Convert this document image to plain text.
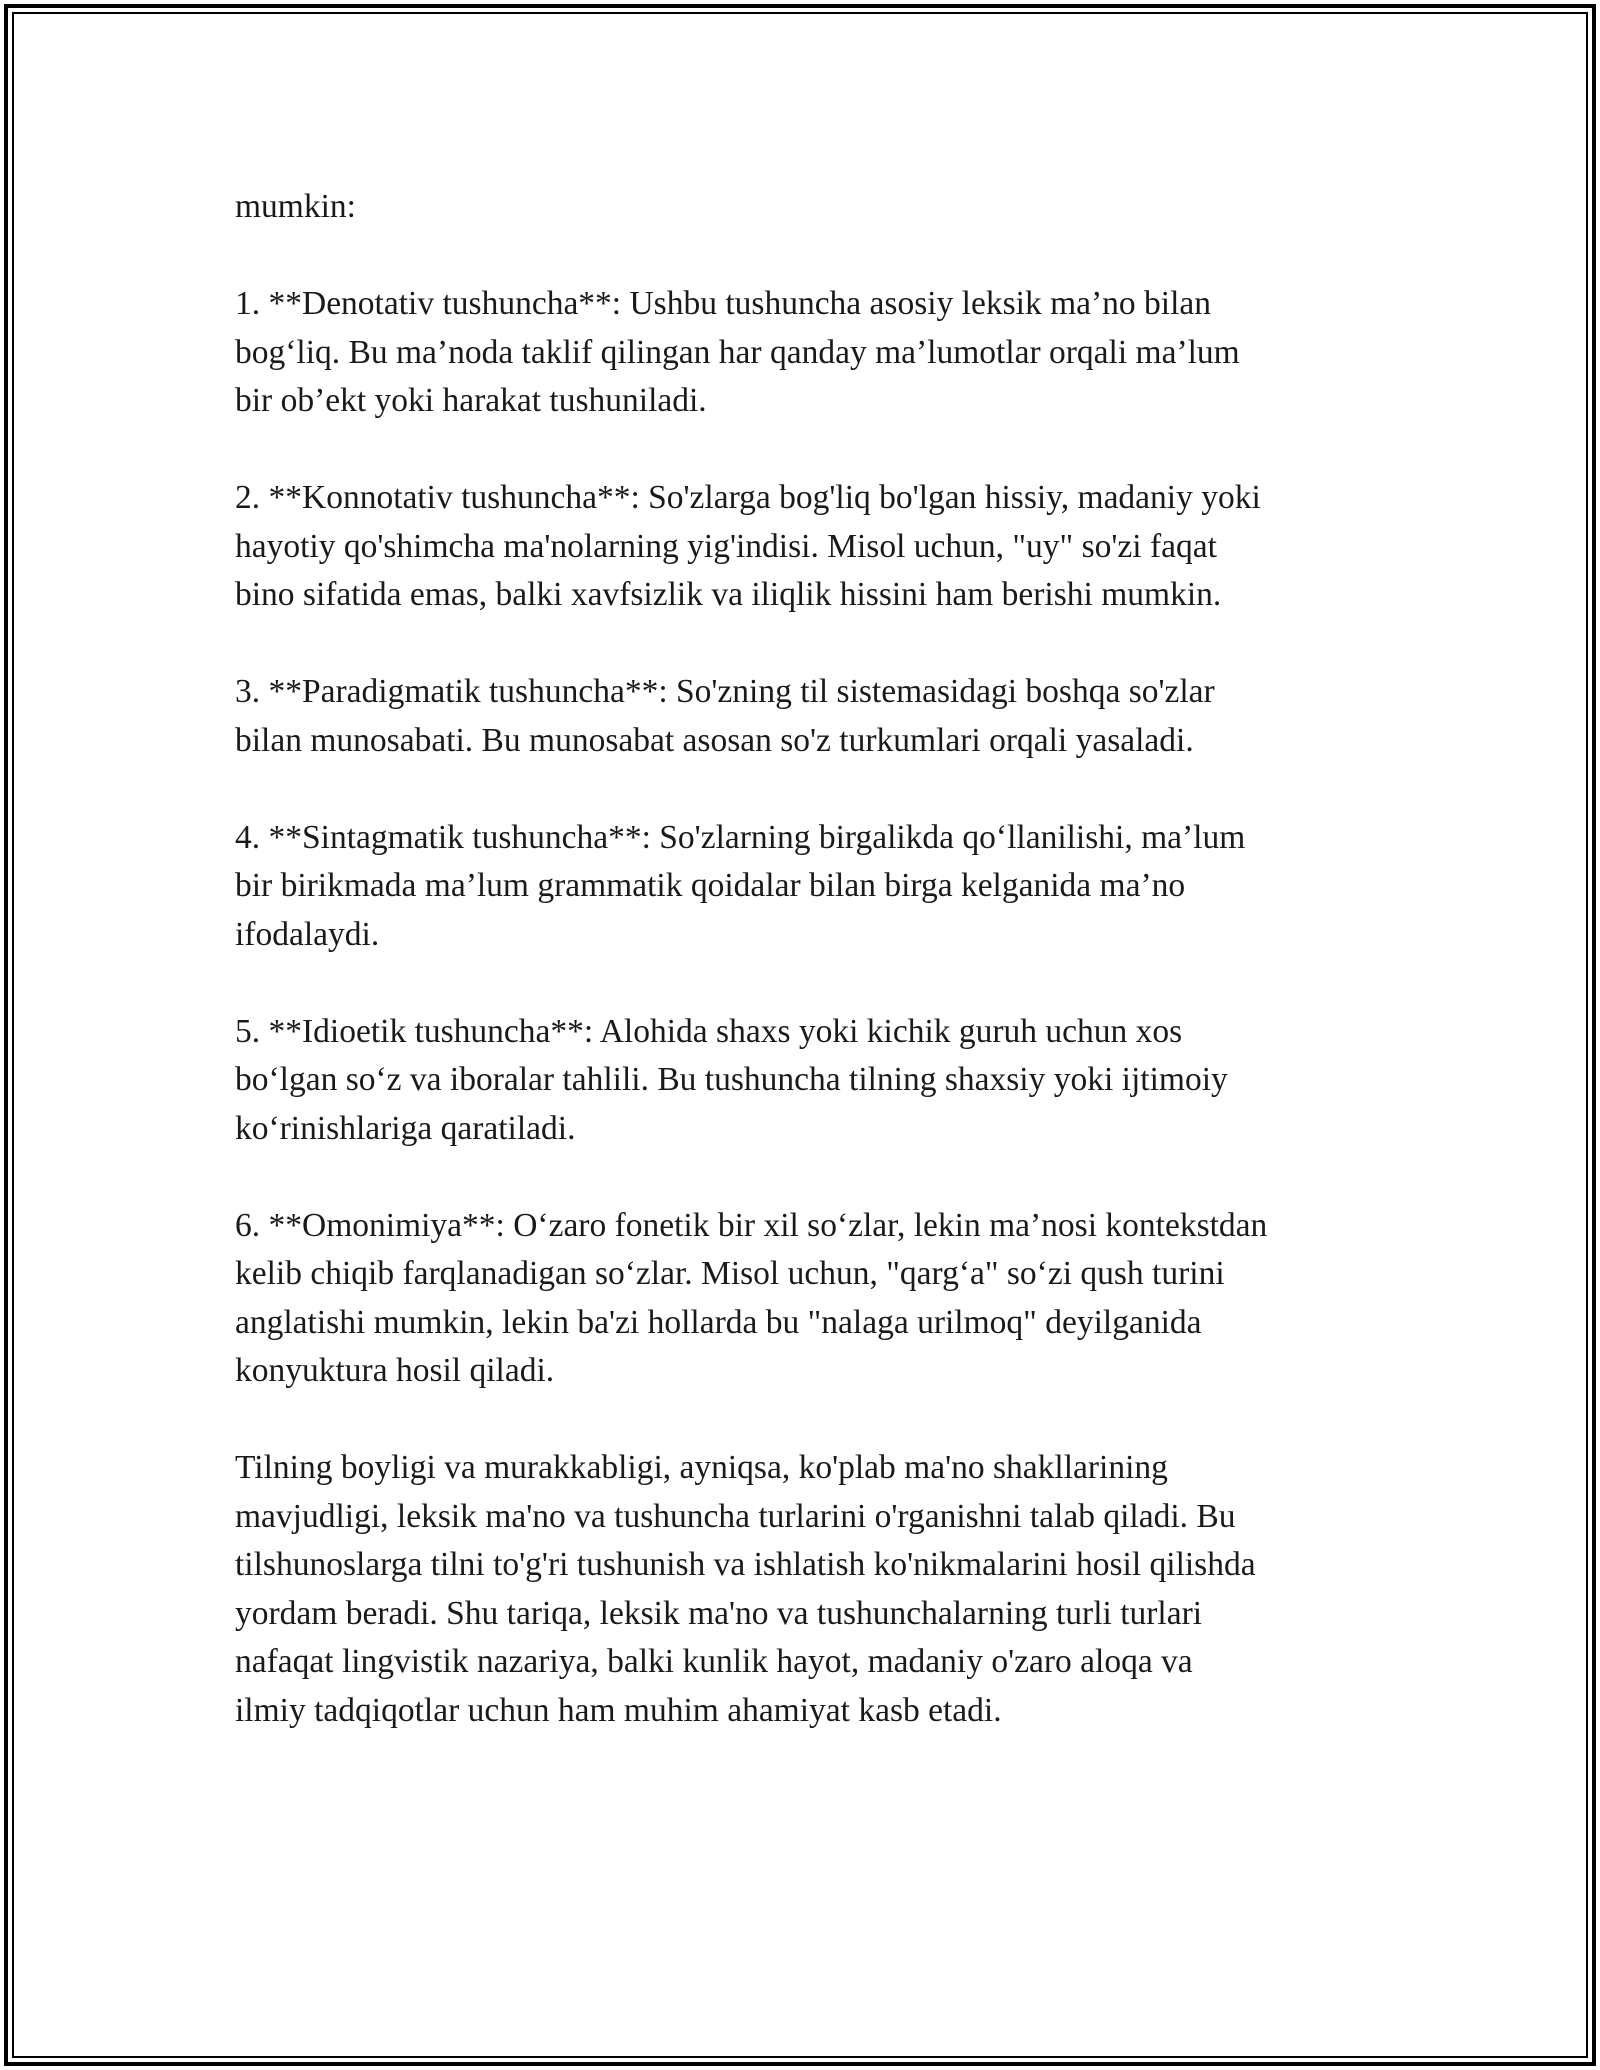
mumkin:

1. **Denotativ tushuncha**: Ushbu tushuncha asosiy leksik ma’no bilan
bog‘liq. Bu ma’noda taklif qilingan har qanday ma’lumotlar orqali ma’lum
bir ob’ekt yoki harakat tushuniladi.

2. **Konnotativ tushuncha**: So'zlarga bog'liq bo'lgan hissiy, madaniy yoki
hayotiy qo'shimcha ma'nolarning yig'indisi. Misol uchun, "uy" so'zi faqat
bino sifatida emas, balki xavfsizlik va iliqlik hissini ham berishi mumkin.

3. **Paradigmatik tushuncha**: So'zning til sistemasidagi boshqa so'zlar
bilan munosabati. Bu munosabat asosan so'z turkumlari orqali yasaladi.

4. **Sintagmatik tushuncha**: So'zlarning birgalikda qo‘llanilishi, ma’lum
bir birikmada ma’lum grammatik qoidalar bilan birga kelganida ma’no
ifodalaydi.

5. **Idioetik tushuncha**: Alohida shaxs yoki kichik guruh uchun xos
bo‘lgan so‘z va iboralar tahlili. Bu tushuncha tilning shaxsiy yoki ijtimoiy
ko‘rinishlariga qaratiladi.

6. **Omonimiya**: O‘zaro fonetik bir xil so‘zlar, lekin ma’nosi kontekstdan
kelib chiqib farqlanadigan so‘zlar. Misol uchun, "qarg‘a" so‘zi qush turini
anglatishi mumkin, lekin ba'zi hollarda bu "nalaga urilmoq" deyilganida
konyuktura hosil qiladi.

Tilning boyligi va murakkabligi, ayniqsa, ko'plab ma'no shakllarining
mavjudligi, leksik ma'no va tushuncha turlarini o'rganishni talab qiladi. Bu
tilshunoslarga tilni to'g'ri tushunish va ishlatish ko'nikmalarini hosil qilishda
yordam beradi. Shu tariqa, leksik ma'no va tushunchalarning turli turlari
nafaqat lingvistik nazariya, balki kunlik hayot, madaniy o'zaro aloqa va
ilmiy tadqiqotlar uchun ham muhim ahamiyat kasb etadi.
